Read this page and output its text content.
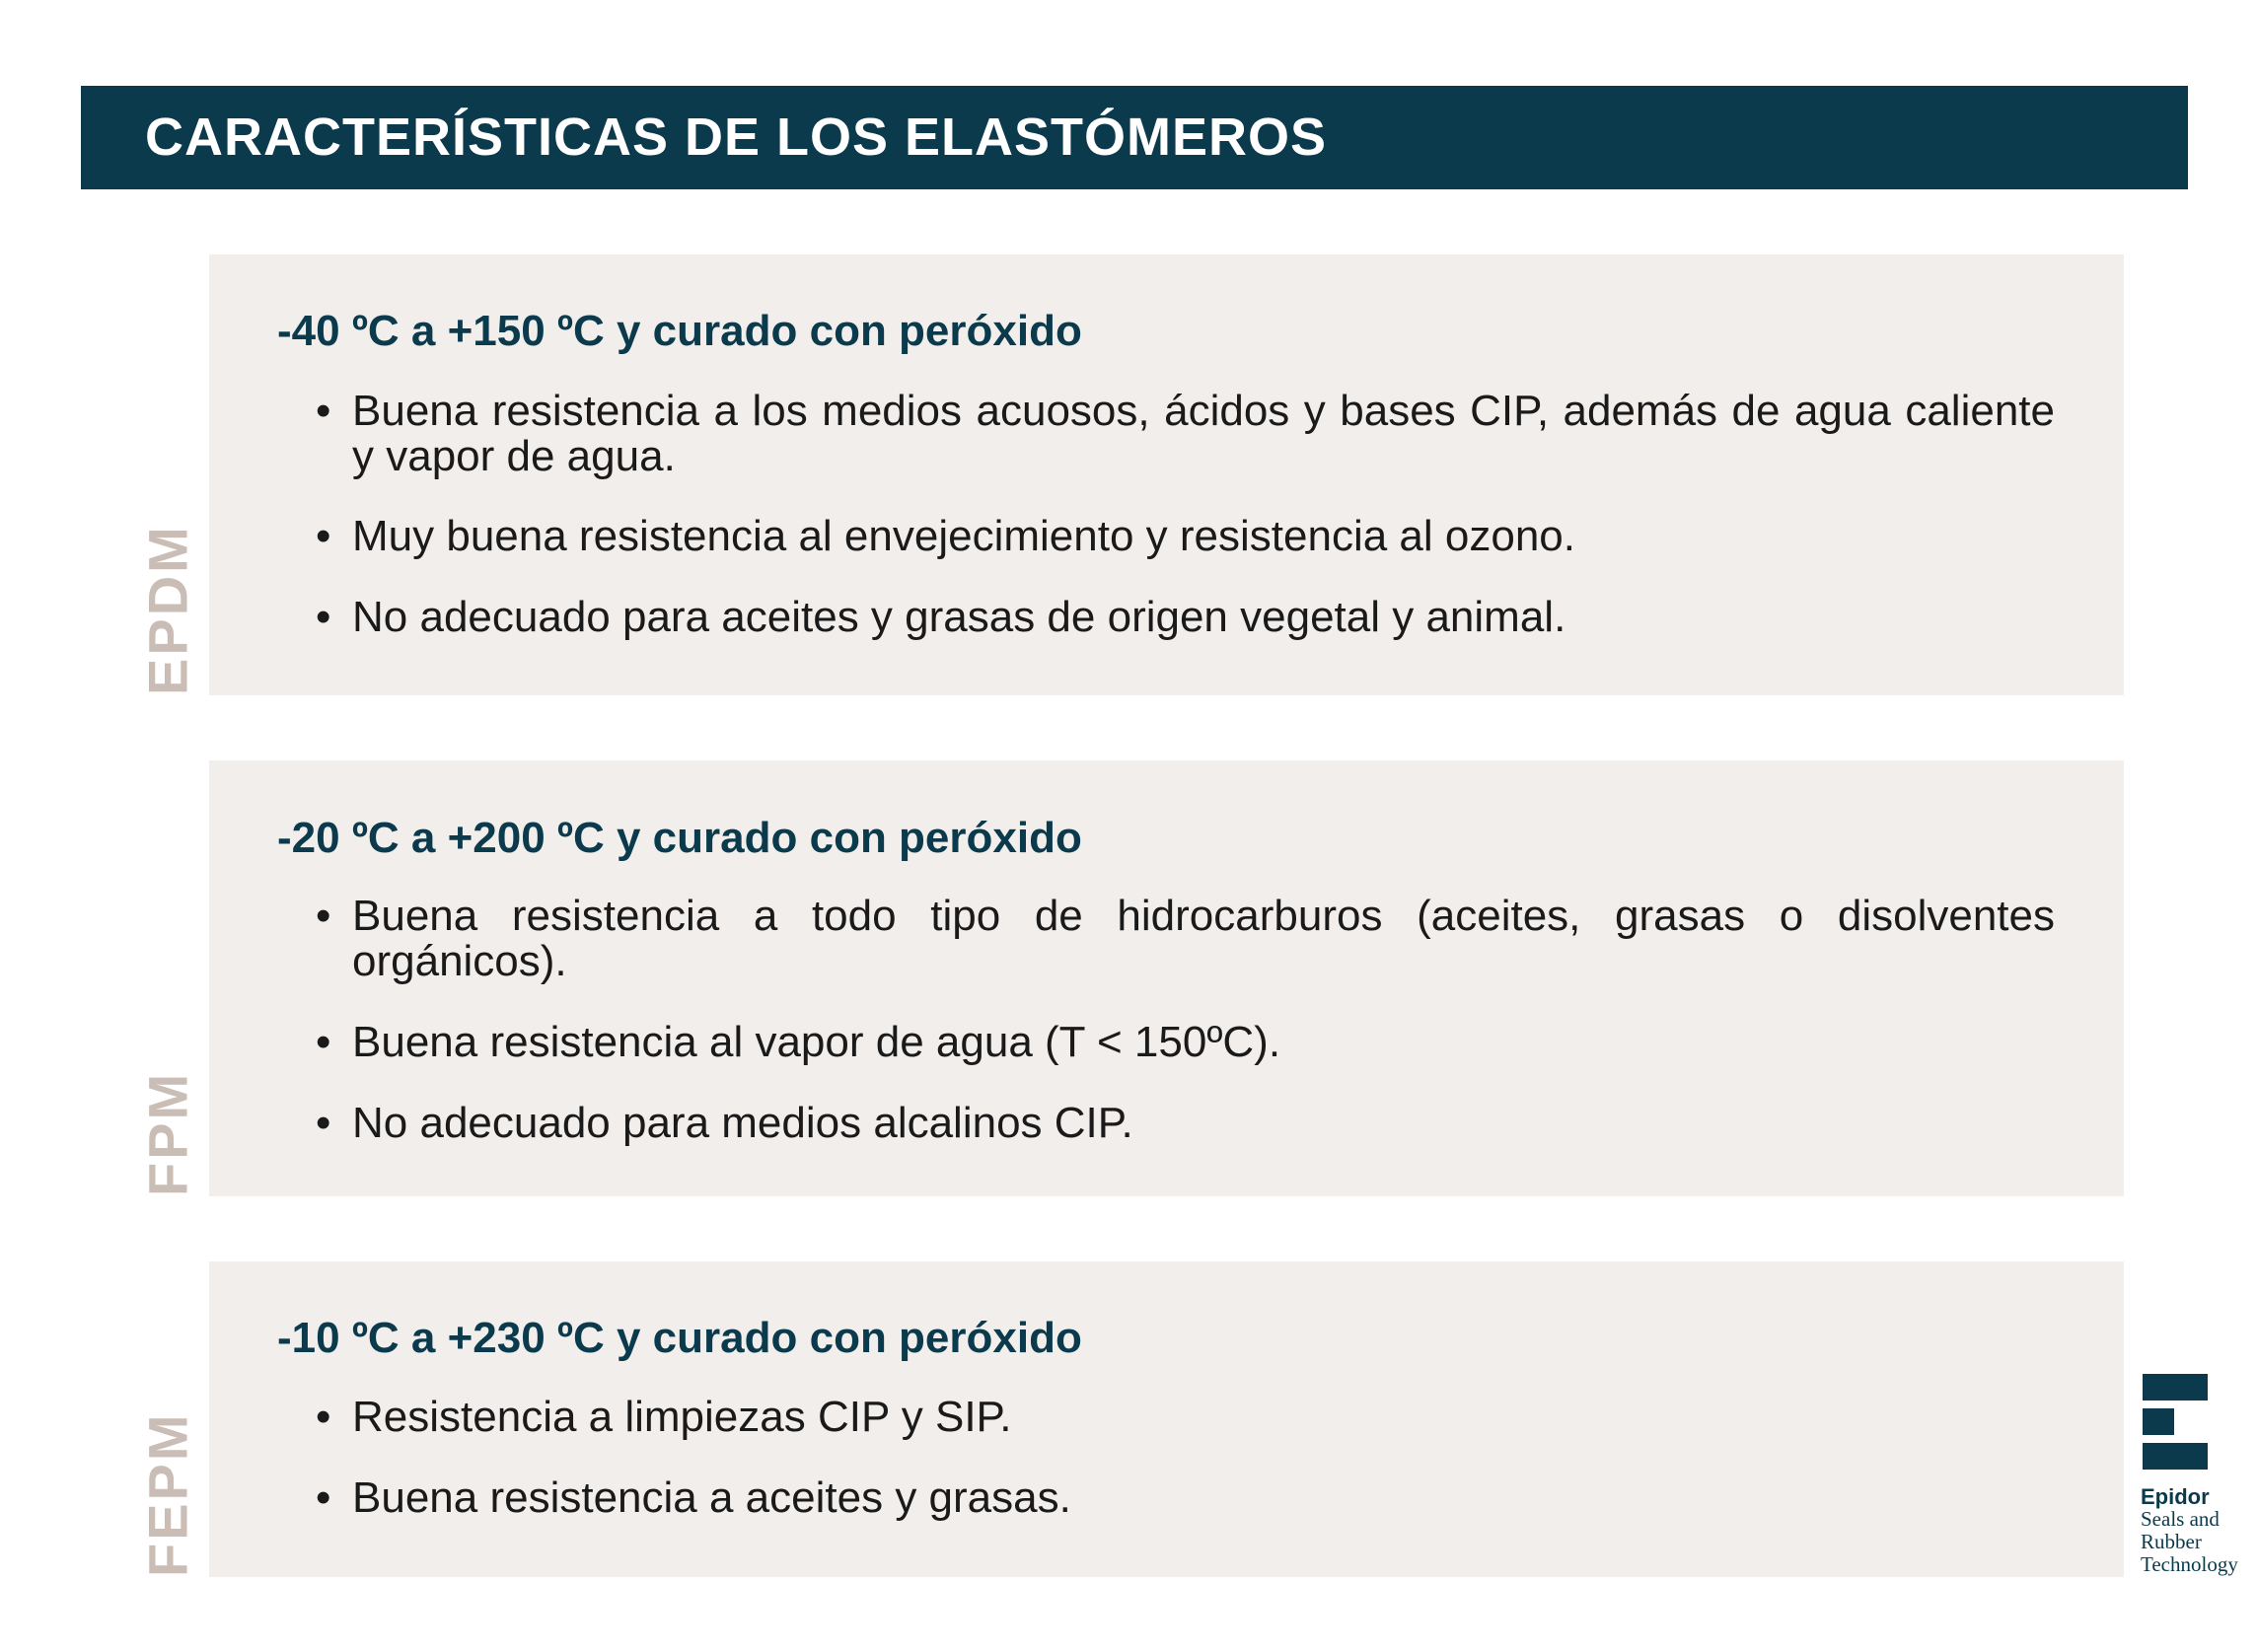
CARACTERÍSTICAS DE LOS ELASTÓMEROS
EPDM
-40 ºC a +150 ºC y curado con peróxido
• Buena resistencia a los medios acuosos, ácidos y bases CIP, además de agua caliente y vapor de agua.
• Muy buena resistencia al envejecimiento y resistencia al ozono.
• No adecuado para aceites y grasas de origen vegetal y animal.
FPM
-20 ºC a +200 ºC y curado con peróxido
• Buena resistencia a todo tipo de hidrocarburos (aceites, grasas o disolventes orgánicos).
• Buena resistencia al vapor de agua (T < 150ºC).
• No adecuado para medios alcalinos CIP.
FEPM
-10 ºC a +230 ºC y curado con peróxido
• Resistencia a limpiezas CIP y SIP.
• Buena resistencia a aceites y grasas.	Epidor
Seals and Rubber Technology
